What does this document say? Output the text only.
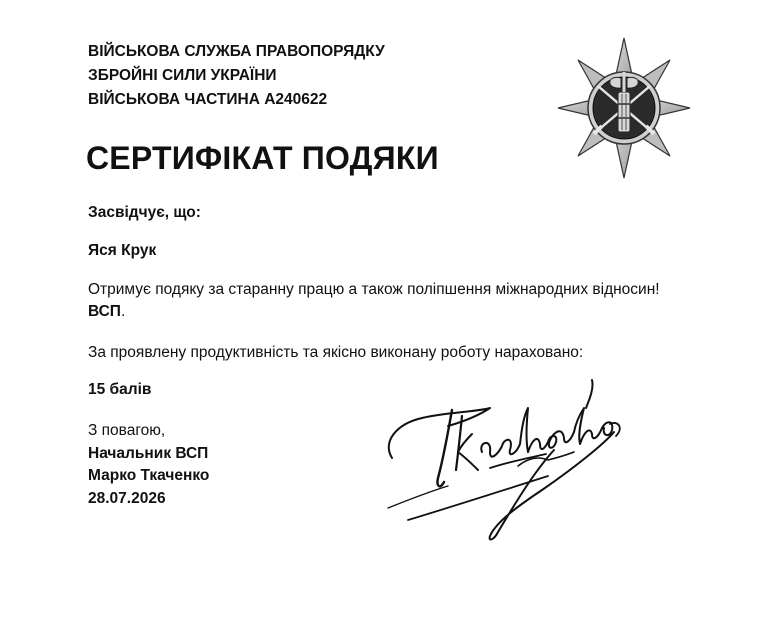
ВІЙСЬКОВА СЛУЖБА ПРАВОПОРЯДКУ
ЗБРОЙНІ СИЛИ УКРАЇНИ
ВІЙСЬКОВА ЧАСТИНА А240622
СЕРТИФІКАТ ПОДЯКИ
Засвідчує, що:
Яся Крук
Отримує подяку за старанну працю а також поліпшення міжнародних відносин! ВСП.
За проявлену продуктивність та якісно виконану роботу нараховано:
15 балів
З повагою,
Начальник ВСП
Марко Ткаченко
28.07.2026
